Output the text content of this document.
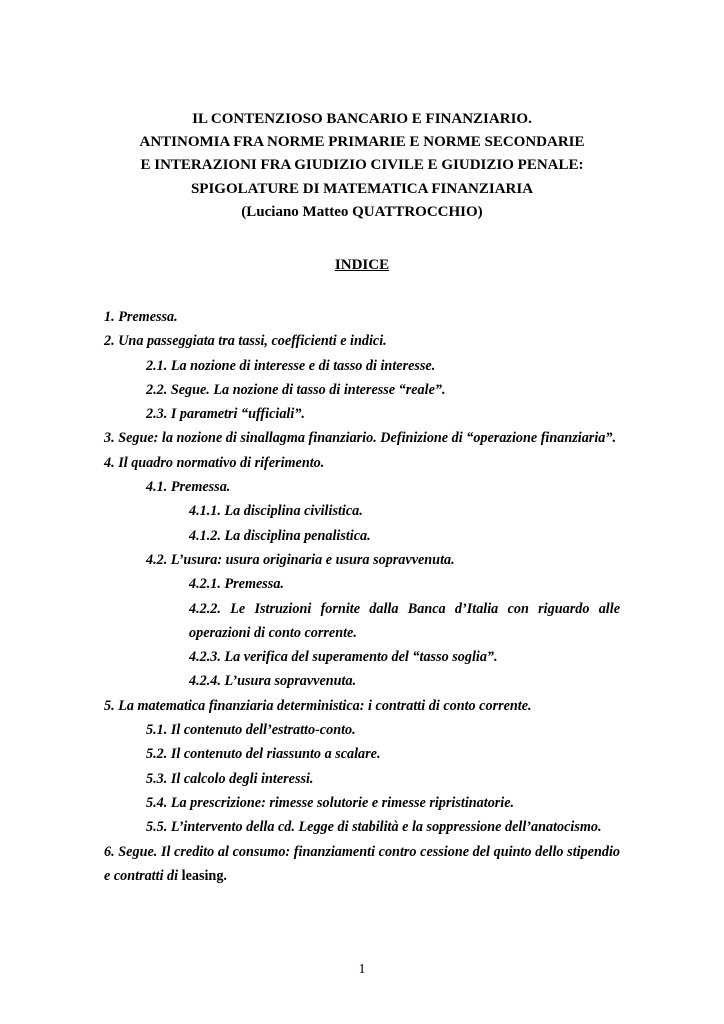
IL CONTENZIOSO BANCARIO E FINANZIARIO.
ANTINOMIA FRA NORME PRIMARIE E NORME SECONDARIE
E INTERAZIONI FRA GIUDIZIO CIVILE E GIUDIZIO PENALE:
SPIGOLATURE DI MATEMATICA FINANZIARIA
(Luciano Matteo QUATTROCCHIO)
INDICE
1. Premessa.
2. Una passeggiata tra tassi, coefficienti e indici.
2.1. La nozione di interesse e di tasso di interesse.
2.2. Segue. La nozione di tasso di interesse “reale”.
2.3. I parametri “ufficiali”.
3. Segue: la nozione di sinallagma finanziario. Definizione di “operazione finanziaria”.
4. Il quadro normativo di riferimento.
4.1. Premessa.
4.1.1. La disciplina civilistica.
4.1.2. La disciplina penalistica.
4.2. L’usura: usura originaria e usura sopravvenuta.
4.2.1. Premessa.
4.2.2. Le Istruzioni fornite dalla Banca d’Italia con riguardo alle operazioni di conto corrente.
4.2.3. La verifica del superamento del “tasso soglia”.
4.2.4. L’usura sopravvenuta.
5. La matematica finanziaria deterministica: i contratti di conto corrente.
5.1. Il contenuto dell’estratto-conto.
5.2. Il contenuto del riassunto a scalare.
5.3. Il calcolo degli interessi.
5.4. La prescrizione: rimesse solutorie e rimesse ripristinatorie.
5.5. L’intervento della cd. Legge di stabilità e la soppressione dell’anatocismo.
6. Segue. Il credito al consumo: finanziamenti contro cessione del quinto dello stipendio e contratti di leasing.
1
